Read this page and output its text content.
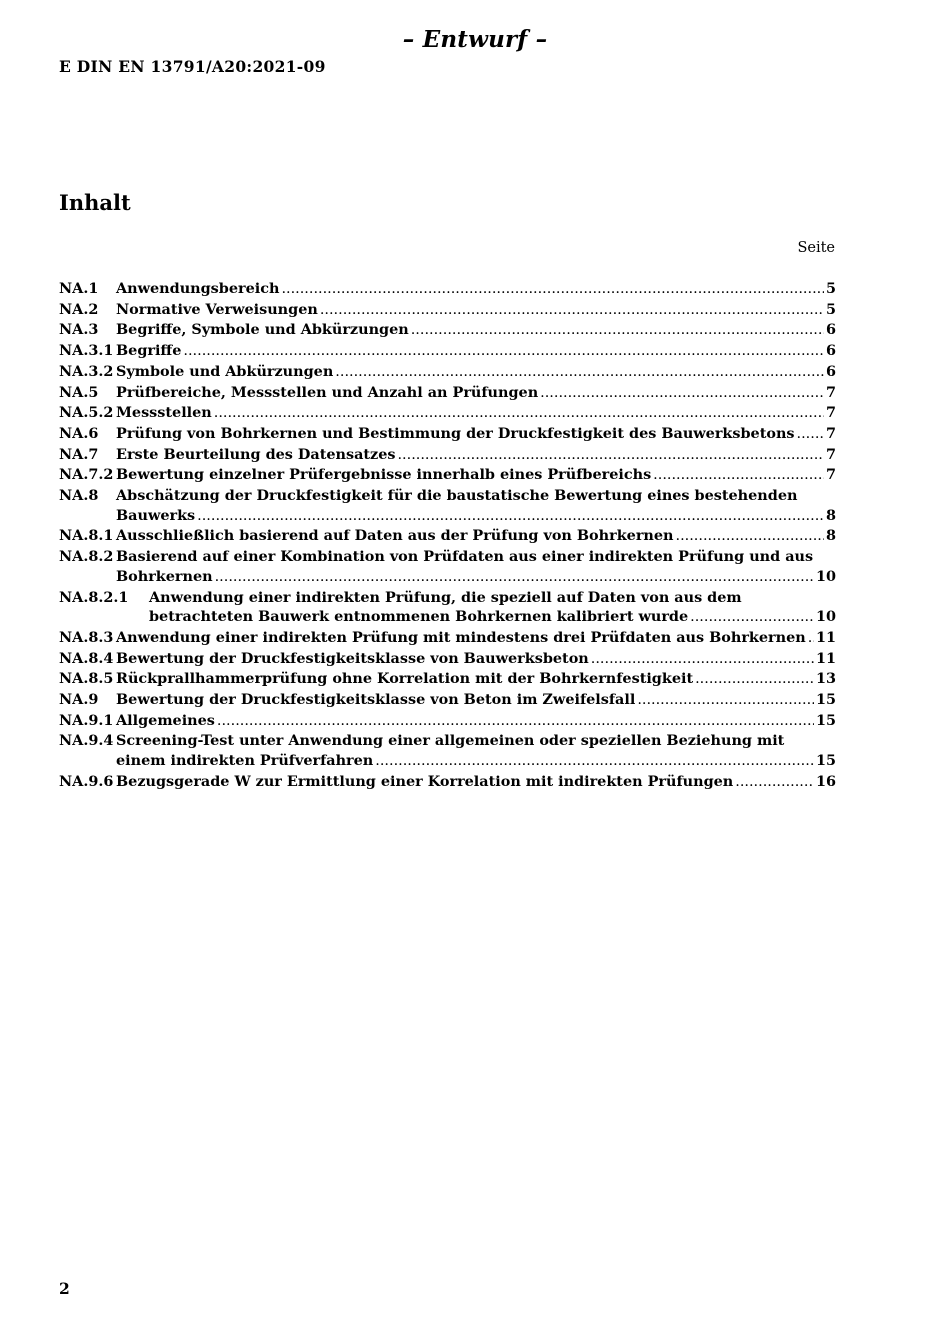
– Entwurf –
E DIN EN 13791/A20:2021-09
Inhalt
Seite
NA.1	Anwendungsbereich .....	5
NA.2	Normative Verweisungen .....	5
NA.3	Begriffe, Symbole und Abkürzungen .....	6
NA.3.1 Begriffe .....	6
NA.3.2 Symbole und Abkürzungen .....	6
NA.5	Prüfbereiche, Messstellen und Anzahl an Prüfungen .....	7
NA.5.2 Messstellen .....	7
NA.6	Prüfung von Bohrkernen und Bestimmung der Druckfestigkeit des Bauwerksbetons ..... 7
NA.7	Erste Beurteilung des Datensatzes .....	7
NA.7.2 Bewertung einzelner Prüfergebnisse innerhalb eines Prüfbereichs .....	7
NA.8	Abschätzung der Druckfestigkeit für die baustatische Bewertung eines bestehenden
Bauwerks .....	8
NA.8.1 Ausschließlich basierend auf Daten aus der Prüfung von Bohrkernen .....	8
NA.8.2 Basierend auf einer Kombination von Prüfdaten aus einer indirekten Prüfung und aus
Bohrkernen .....	10
NA.8.2.1	Anwendung einer indirekten Prüfung, die speziell auf Daten von aus dem
betrachteten Bauwerk entnommenen Bohrkernen kalibriert wurde .....	10
NA.8.3 Anwendung einer indirekten Prüfung mit mindestens drei Prüfdaten aus Bohrkernen ..... 11
NA.8.4 Bewertung der Druckfestigkeitsklasse von Bauwerksbeton .....	11
NA.8.5 Rückprallhammerprüfung ohne Korrelation mit der Bohrkernfestigkeit .....	13
NA.9	Bewertung der Druckfestigkeitsklasse von Beton im Zweifelsfall .....	15
NA.9.1 Allgemeines .....	15
NA.9.4 Screening-Test unter Anwendung einer allgemeinen oder speziellen Beziehung mit
einem indirekten Prüfverfahren .....	15
NA.9.6 Bezugsgerade W zur Ermittlung einer Korrelation mit indirekten Prüfungen .....	16
2
